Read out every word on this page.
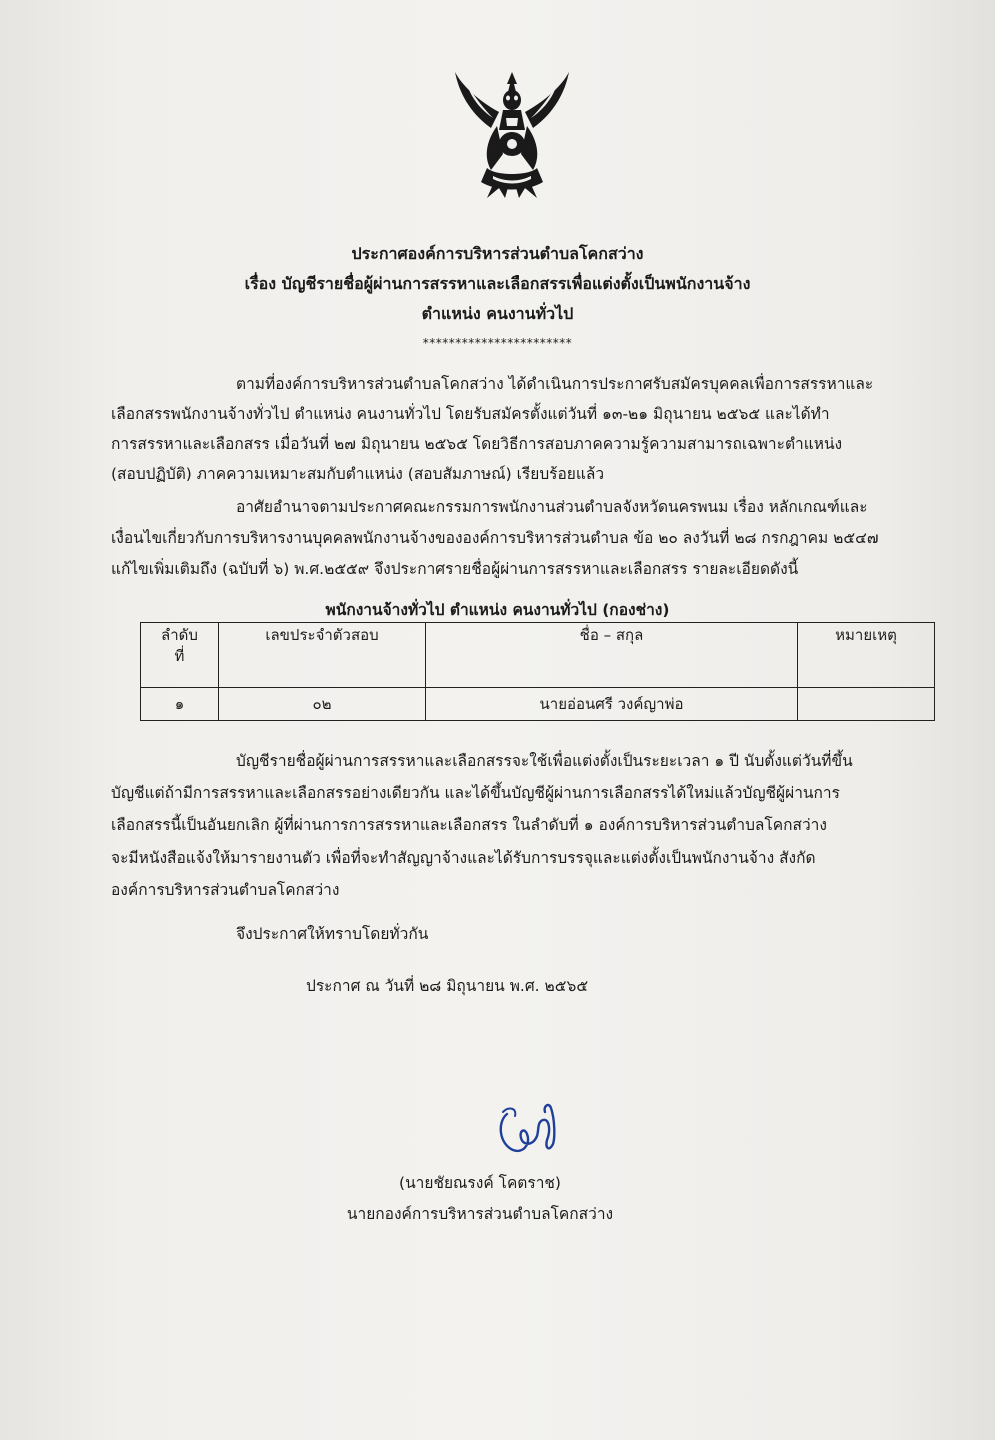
ประกาศองค์การบริหารส่วนตำบลโคกสว่าง
เรื่อง บัญชีรายชื่อผู้ผ่านการสรรหาและเลือกสรรเพื่อแต่งตั้งเป็นพนักงานจ้าง
ตำแหน่ง คนงานทั่วไป
***********************
ตามที่องค์การบริหารส่วนตำบลโคกสว่าง ได้ดำเนินการประกาศรับสมัครบุคคลเพื่อการสรรหาและ
เลือกสรรพนักงานจ้างทั่วไป ตำแหน่ง คนงานทั่วไป โดยรับสมัครตั้งแต่วันที่ ๑๓-๒๑ มิถุนายน ๒๕๖๕ และได้ทำ
การสรรหาและเลือกสรร เมื่อวันที่ ๒๗ มิถุนายน ๒๕๖๕ โดยวิธีการสอบภาคความรู้ความสามารถเฉพาะตำแหน่ง
(สอบปฏิบัติ) ภาคความเหมาะสมกับตำแหน่ง (สอบสัมภาษณ์) เรียบร้อยแล้ว
อาศัยอำนาจตามประกาศคณะกรรมการพนักงานส่วนตำบลจังหวัดนครพนม เรื่อง หลักเกณฑ์และ
เงื่อนไขเกี่ยวกับการบริหารงานบุคคลพนักงานจ้างขององค์การบริหารส่วนตำบล ข้อ ๒๐ ลงวันที่ ๒๘ กรกฎาคม ๒๕๔๗
แก้ไขเพิ่มเติมถึง (ฉบับที่ ๖) พ.ศ.๒๕๕๙ จึงประกาศรายชื่อผู้ผ่านการสรรหาและเลือกสรร รายละเอียดดังนี้
พนักงานจ้างทั่วไป ตำแหน่ง คนงานทั่วไป (กองช่าง)
ลำดับ
ที่	เลขประจำตัวสอบ	ชื่อ – สกุล	หมายเหตุ
๑	๐๒	นายอ่อนศรี วงค์ญาพ่อ	
บัญชีรายชื่อผู้ผ่านการสรรหาและเลือกสรรจะใช้เพื่อแต่งตั้งเป็นระยะเวลา ๑ ปี นับตั้งแต่วันที่ขึ้น
บัญชีแต่ถ้ามีการสรรหาและเลือกสรรอย่างเดียวกัน และได้ขึ้นบัญชีผู้ผ่านการเลือกสรรได้ใหม่แล้วบัญชีผู้ผ่านการ
เลือกสรรนี้เป็นอันยกเลิก ผู้ที่ผ่านการการสรรหาและเลือกสรร ในลำดับที่ ๑ องค์การบริหารส่วนตำบลโคกสว่าง
จะมีหนังสือแจ้งให้มารายงานตัว เพื่อที่จะทำสัญญาจ้างและได้รับการบรรจุและแต่งตั้งเป็นพนักงานจ้าง สังกัด
องค์การบริหารส่วนตำบลโคกสว่าง
จึงประกาศให้ทราบโดยทั่วกัน
ประกาศ ณ วันที่ ๒๘ มิถุนายน พ.ศ. ๒๕๖๕
(นายชัยณรงค์ โคตราช)
นายกองค์การบริหารส่วนตำบลโคกสว่าง
